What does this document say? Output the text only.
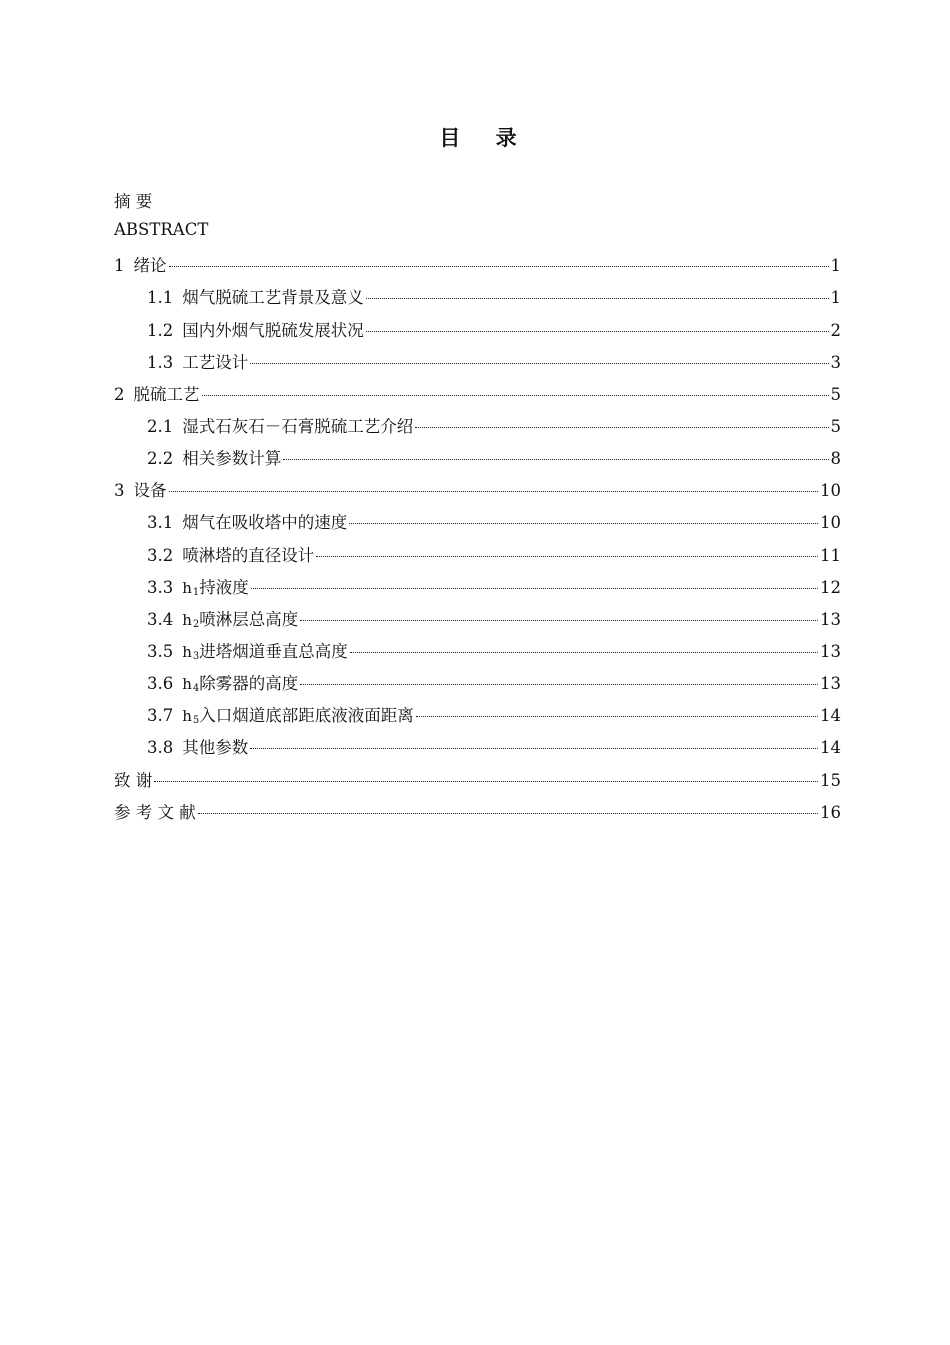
目 录
摘 要
ABSTRACT
1 绪论	1
1.1 烟气脱硫工艺背景及意义	1
1.2 国内外烟气脱硫发展状况	2
1.3 工艺设计	3
2 脱硫工艺	5
2.1 湿式石灰石－石膏脱硫工艺介绍	5
2.2 相关参数计算	8
3 设备	10
3.1 烟气在吸收塔中的速度	10
3.2 喷淋塔的直径设计	11
3.3 $h_1$持液度	12
3.4 $h_2$喷淋层总高度	13
3.5 $h_3$进塔烟道垂直总高度	13
3.6 $h_4$除雾器的高度	13
3.7 $h_5$入口烟道底部距底液液面距离	14
3.8 其他参数	14
致 谢	15
参 考 文 献	16
